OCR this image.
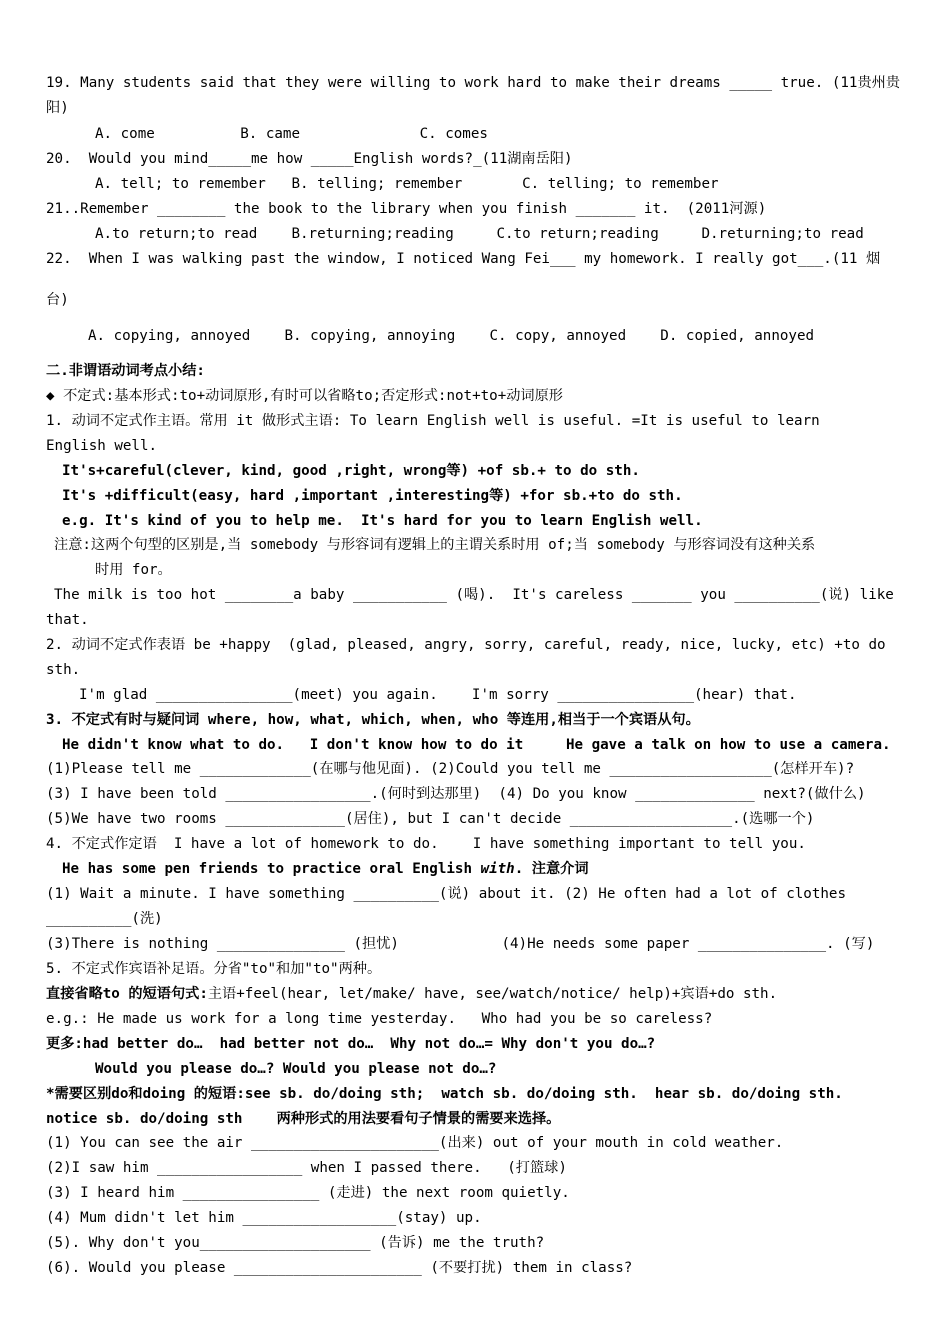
19. Many students said that they were willing to work hard to make their dreams _____ true. (11贵州贵
阳)
A. come          B. came              C. comes
20.  Would you mind_____me how _____English words?_(11湖南岳阳)
A. tell; to remember   B. telling; remember       C. telling; to remember
21..Remember ________ the book to the library when you finish _______ it.  (2011河源)
A.to return;to read    B.returning;reading     C.to return;reading     D.returning;to read
22.  When I was walking past the window, I noticed Wang Fei___ my homework. I really got___.(11 烟
台)
A. copying, annoyed    B. copying, annoying    C. copy, annoyed    D. copied, annoyed
二.非谓语动词考点小结:
◆ 不定式:基本形式:to+动词原形,有时可以省略to;否定形式:not+to+动词原形
1. 动词不定式作主语。常用 it 做形式主语: To learn English well is useful. =It is useful to learn
English well.
It's+careful(clever, kind, good ,right, wrong等) +of sb.+ to do sth.
It's +difficult(easy, hard ,important ,interesting等) +for sb.+to do sth.
e.g. It's kind of you to help me.  It's hard for you to learn English well.
注意:这两个句型的区别是,当 somebody 与形容词有逻辑上的主谓关系时用 of;当 somebody 与形容词没有这种关系
时用 for。
The milk is too hot ________a baby ___________ (喝).  It's careless _______ you __________(说) like
that.
2. 动词不定式作表语 be +happy  (glad, pleased, angry, sorry, careful, ready, nice, lucky, etc) +to do
sth.
I'm glad ________________(meet) you again.    I'm sorry ________________(hear) that.
3. 不定式有时与疑问词 where, how, what, which, when, who 等连用,相当于一个宾语从句。
He didn't know what to do.   I don't know how to do it     He gave a talk on how to use a camera.
(1)Please tell me _____________(在哪与他见面). (2)Could you tell me ___________________(怎样开车)?
(3) I have been told _________________.(何时到达那里)  (4) Do you know ______________ next?(做什么)
(5)We have two rooms ______________(居住), but I can't decide ___________________.(选哪一个)
4. 不定式作定语  I have a lot of homework to do.    I have something important to tell you.
He has some pen friends to practice oral English with. 注意介词
(1) Wait a minute. I have something __________(说) about it. (2) He often had a lot of clothes
__________(洗)
(3)There is nothing _______________ (担忧)            (4)He needs some paper _______________. (写)
5. 不定式作宾语补足语。分省"to"和加"to"两种。
直接省略to 的短语句式:主语+feel(hear, let/make/ have, see/watch/notice/ help)+宾语+do sth.
e.g.: He made us work for a long time yesterday.   Who had you be so careless?
更多:had better do…  had better not do…  Why not do…= Why don't you do…?
Would you please do…? Would you please not do…?
*需要区别do和doing 的短语:see sb. do/doing sth;  watch sb. do/doing sth.  hear sb. do/doing sth.
notice sb. do/doing sth    两种形式的用法要看句子情景的需要来选择。
(1) You can see the air ______________________(出来) out of your mouth in cold weather.
(2)I saw him _________________ when I passed there.   (打篮球)
(3) I heard him ________________ (走进) the next room quietly.
(4) Mum didn't let him __________________(stay) up.
(5). Why don't you____________________ (告诉) me the truth?
(6). Would you please ______________________ (不要打扰) them in class?
